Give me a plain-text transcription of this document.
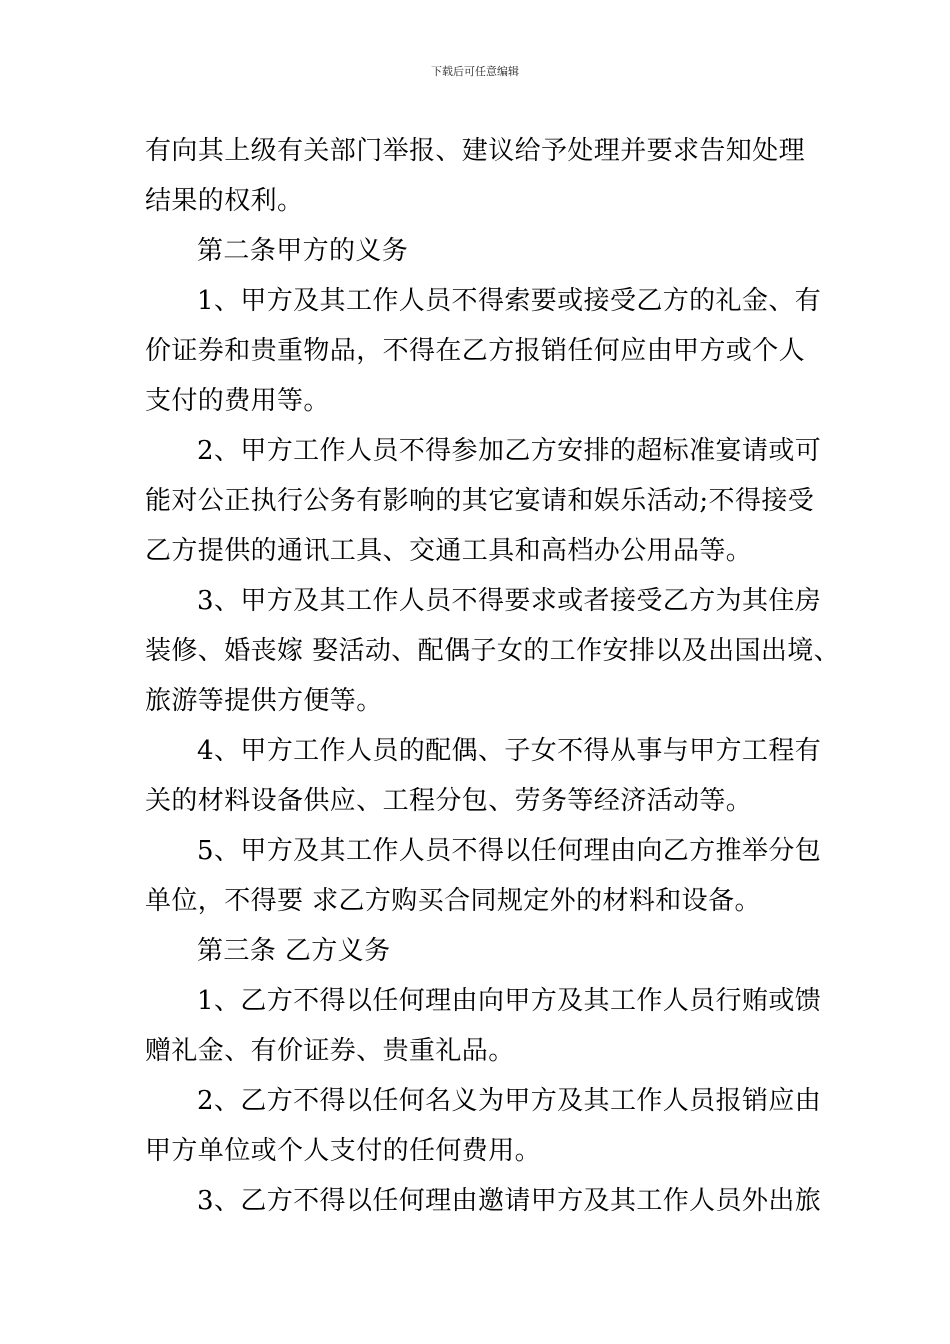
下载后可任意编辑

有向其上级有关部门举报、建议给予处理并要求告知处理

结果的权利。

第二条甲方的义务

1、甲方及其工作人员不得索要或接受乙方的礼金、有

价证券和贵重物品，不得在乙方报销任何应由甲方或个人

支付的费用等。

2、甲方工作人员不得参加乙方安排的超标准宴请或可

能对公正执行公务有影响的其它宴请和娱乐活动;不得接受

乙方提供的通讯工具、交通工具和高档办公用品等。

3、甲方及其工作人员不得要求或者接受乙方为其住房

装修、婚丧嫁 娶活动、配偶子女的工作安排以及出国出境、

旅游等提供方便等。

4、甲方工作人员的配偶、子女不得从事与甲方工程有

关的材料设备供应、工程分包、劳务等经济活动等。

5、甲方及其工作人员不得以任何理由向乙方推举分包

单位，不得要 求乙方购买合同规定外的材料和设备。

第三条 乙方义务

1、乙方不得以任何理由向甲方及其工作人员行贿或馈

赠礼金、有价证券、贵重礼品。

2、乙方不得以任何名义为甲方及其工作人员报销应由

甲方单位或个人支付的任何费用。

3、乙方不得以任何理由邀请甲方及其工作人员外出旅
